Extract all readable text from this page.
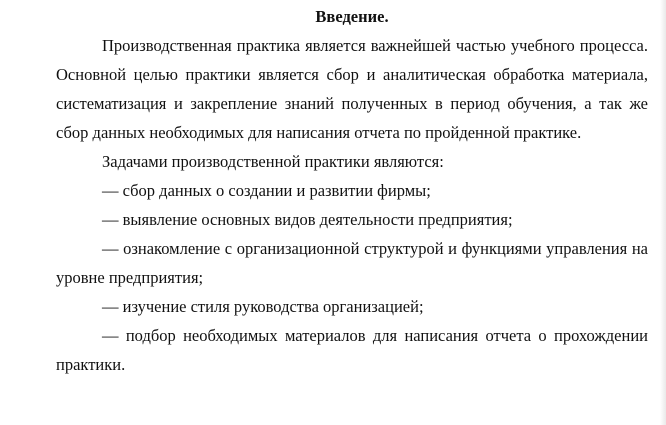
Введение.

Производственная практика является важнейшей частью учебного процесса. Основной целью практики является сбор и аналитическая обработка материала, систематизация и закрепление знаний полученных в период обучения, а так же сбор данных необходимых для написания отчета по пройденной практике.

Задачами производственной практики являются:

— сбор данных о создании и развитии фирмы;

— выявление основных видов деятельности предприятия;

— ознакомление с организационной структурой и функциями управления на уровне предприятия;

— изучение стиля руководства организацией;

— подбор необходимых материалов для написания отчета о прохождении практики.
